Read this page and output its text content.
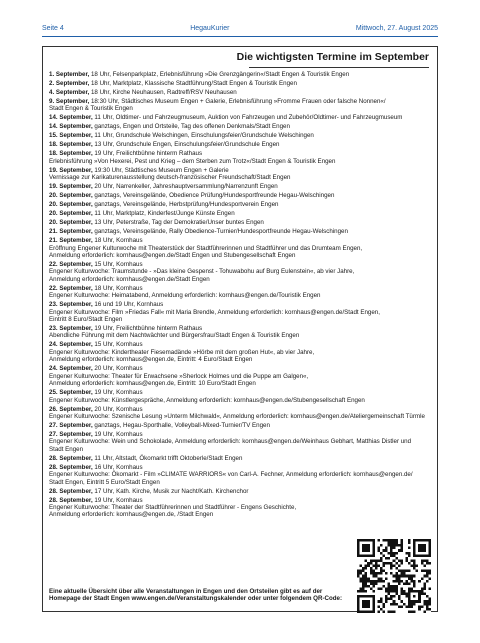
Seite 4	HegauKurier	Mittwoch, 27. August 2025
Die wichtigsten Termine im September
1. September, 18 Uhr, Felsenparkplatz, Erlebnisführung »Die Grenzgängerin«/Stadt Engen & Touristik Engen
2. September, 18 Uhr, Marktplatz, Klassische Stadtführung/Stadt Engen & Touristik Engen
4. September, 18 Uhr, Kirche Neuhausen, Radtreff/RSV Neuhausen
9. September, 18:30 Uhr, Städtisches Museum Engen + Galerie, Erlebnisführung »Fromme Frauen oder falsche Nonnen«/
Stadt Engen & Touristik Engen
14. September, 11 Uhr, Oldtimer- und Fahrzeugmuseum, Auktion von Fahrzeugen und Zubehör/Oldtimer- und Fahrzeugmuseum
14. September, ganztags, Engen und Ortsteile, Tag des offenen Denkmals/Stadt Engen
15. September, 11 Uhr, Grundschule Welschingen, Einschulungsfeier/Grundschule Welschingen
18. September, 13 Uhr, Grundschule Engen, Einschulungsfeier/Grundschule Engen
18. September, 19 Uhr, Freilichtbühne hinterm Rathaus
Erlebnisführung »Von Hexerei, Pest und Krieg – dem Sterben zum Trotz«/Stadt Engen & Touristik Engen
19. September, 19:30 Uhr, Städtisches Museum Engen + Galerie
Vernissage zur Karikaturenausstellung deutsch-französischer Freundschaft/Stadt Engen
19. September, 20 Uhr, Narrenkeller, Jahreshauptversammlung/Narrenzunft Engen
20. September, ganztags, Vereinsgelände, Obedience Prüfung/Hundesportfreunde Hegau-Welschingen
20. September, ganztags, Vereinsgelände, Herbstprüfung/Hundesportverein Engen
20. September, 11 Uhr, Marktplatz, Kinderfest/Junge Künste Engen
20. September, 13 Uhr, Peterstraße, Tag der Demokratie/Unser buntes Engen
21. September, ganztags, Vereinsgelände, Rally Obedience-Turnier/Hundesportfreunde Hegau-Welschingen
21. September, 18 Uhr, Kornhaus
Eröffnung Engener Kulturwoche mit Theaterstück der Stadtführerinnen und Stadtführer und das Drumteam Engen,
Anmeldung erforderlich: kornhaus@engen.de/Stadt Engen und Stubengesellschaft Engen
22. September, 15 Uhr, Kornhaus
Engener Kulturwoche: Traumstunde - »Das kleine Gespenst - Tohuwabohu auf Burg Eulenstein«, ab vier Jahre,
Anmeldung erforderlich: kornhaus@engen.de/Stadt Engen
22. September, 18 Uhr, Kornhaus
Engener Kulturwoche: Heimatabend, Anmeldung erforderlich: kornhaus@engen.de/Touristik Engen
23. September, 16 und 19 Uhr, Kornhaus
Engener Kulturwoche: Film »Friedas Fall« mit Maria Brendle, Anmeldung erforderlich: kornhaus@engen.de/Stadt Engen,
Eintritt 8 Euro/Stadt Engen
23. September, 19 Uhr, Freilichtbühne hinterm Rathaus
Abendliche Führung mit dem Nachtwächter und Bürgersfrau/Stadt Engen & Touristik Engen
24. September, 15 Uhr, Kornhaus
Engener Kulturwoche: Kindertheater Fiesemadände »Hörbe mit dem großen Hut«, ab vier Jahre,
Anmeldung erforderlich: kornhaus@engen.de, Eintritt: 4 Euro/Stadt Engen
24. September, 20 Uhr, Kornhaus
Engener Kulturwoche: Theater für Erwachsene »Sherlock Holmes und die Puppe am Galgen«,
Anmeldung erforderlich: kornhaus@engen.de, Eintritt: 10 Euro/Stadt Engen
25. September, 19 Uhr, Kornhaus
Engener Kulturwoche: Künstlergespräche, Anmeldung erforderlich: kornhaus@engen.de/Stubengesellschaft Engen
26. September, 20 Uhr, Kornhaus
Engener Kulturwoche: Szenische Lesung »Unterm Milchwald«, Anmeldung erforderlich: kornhaus@engen.de/Ateliergemeinschaft Türmle
27. September, ganztags, Hegau-Sporthalle, Volleyball-Mixed-Turnier/TV Engen
27. September, 19 Uhr, Kornhaus
Engener Kulturwoche: Wein und Schokolade, Anmeldung erforderlich: kornhaus@engen.de/Weinhaus Gebhart, Matthias Distler und
Stadt Engen
28. September, 11 Uhr, Altstadt, Ökomarkt trifft Oktoberle/Stadt Engen
28. September, 16 Uhr, Kornhaus
Engener Kulturwoche: Ökomarkt - Film »CLIMATE WARRIORS« von Carl-A. Fechner, Anmeldung erforderlich: kornhaus@engen.de/
Stadt Engen, Eintritt 5 Euro/Stadt Engen
28. September, 17 Uhr, Kath. Kirche, Musik zur Nacht/Kath. Kirchenchor
28. September, 19 Uhr, Kornhaus
Engener Kulturwoche: Theater der Stadtführerinnen und Stadtführer - Engens Geschichte,
Anmeldung erforderlich: kornhaus@engen.de, /Stadt Engen
Eine aktuelle Übersicht über alle Veranstaltungen in Engen und den Ortsteilen gibt es auf der Homepage der Stadt Engen www.engen.de/Veranstaltungskalender oder unter folgendem QR-Code:
